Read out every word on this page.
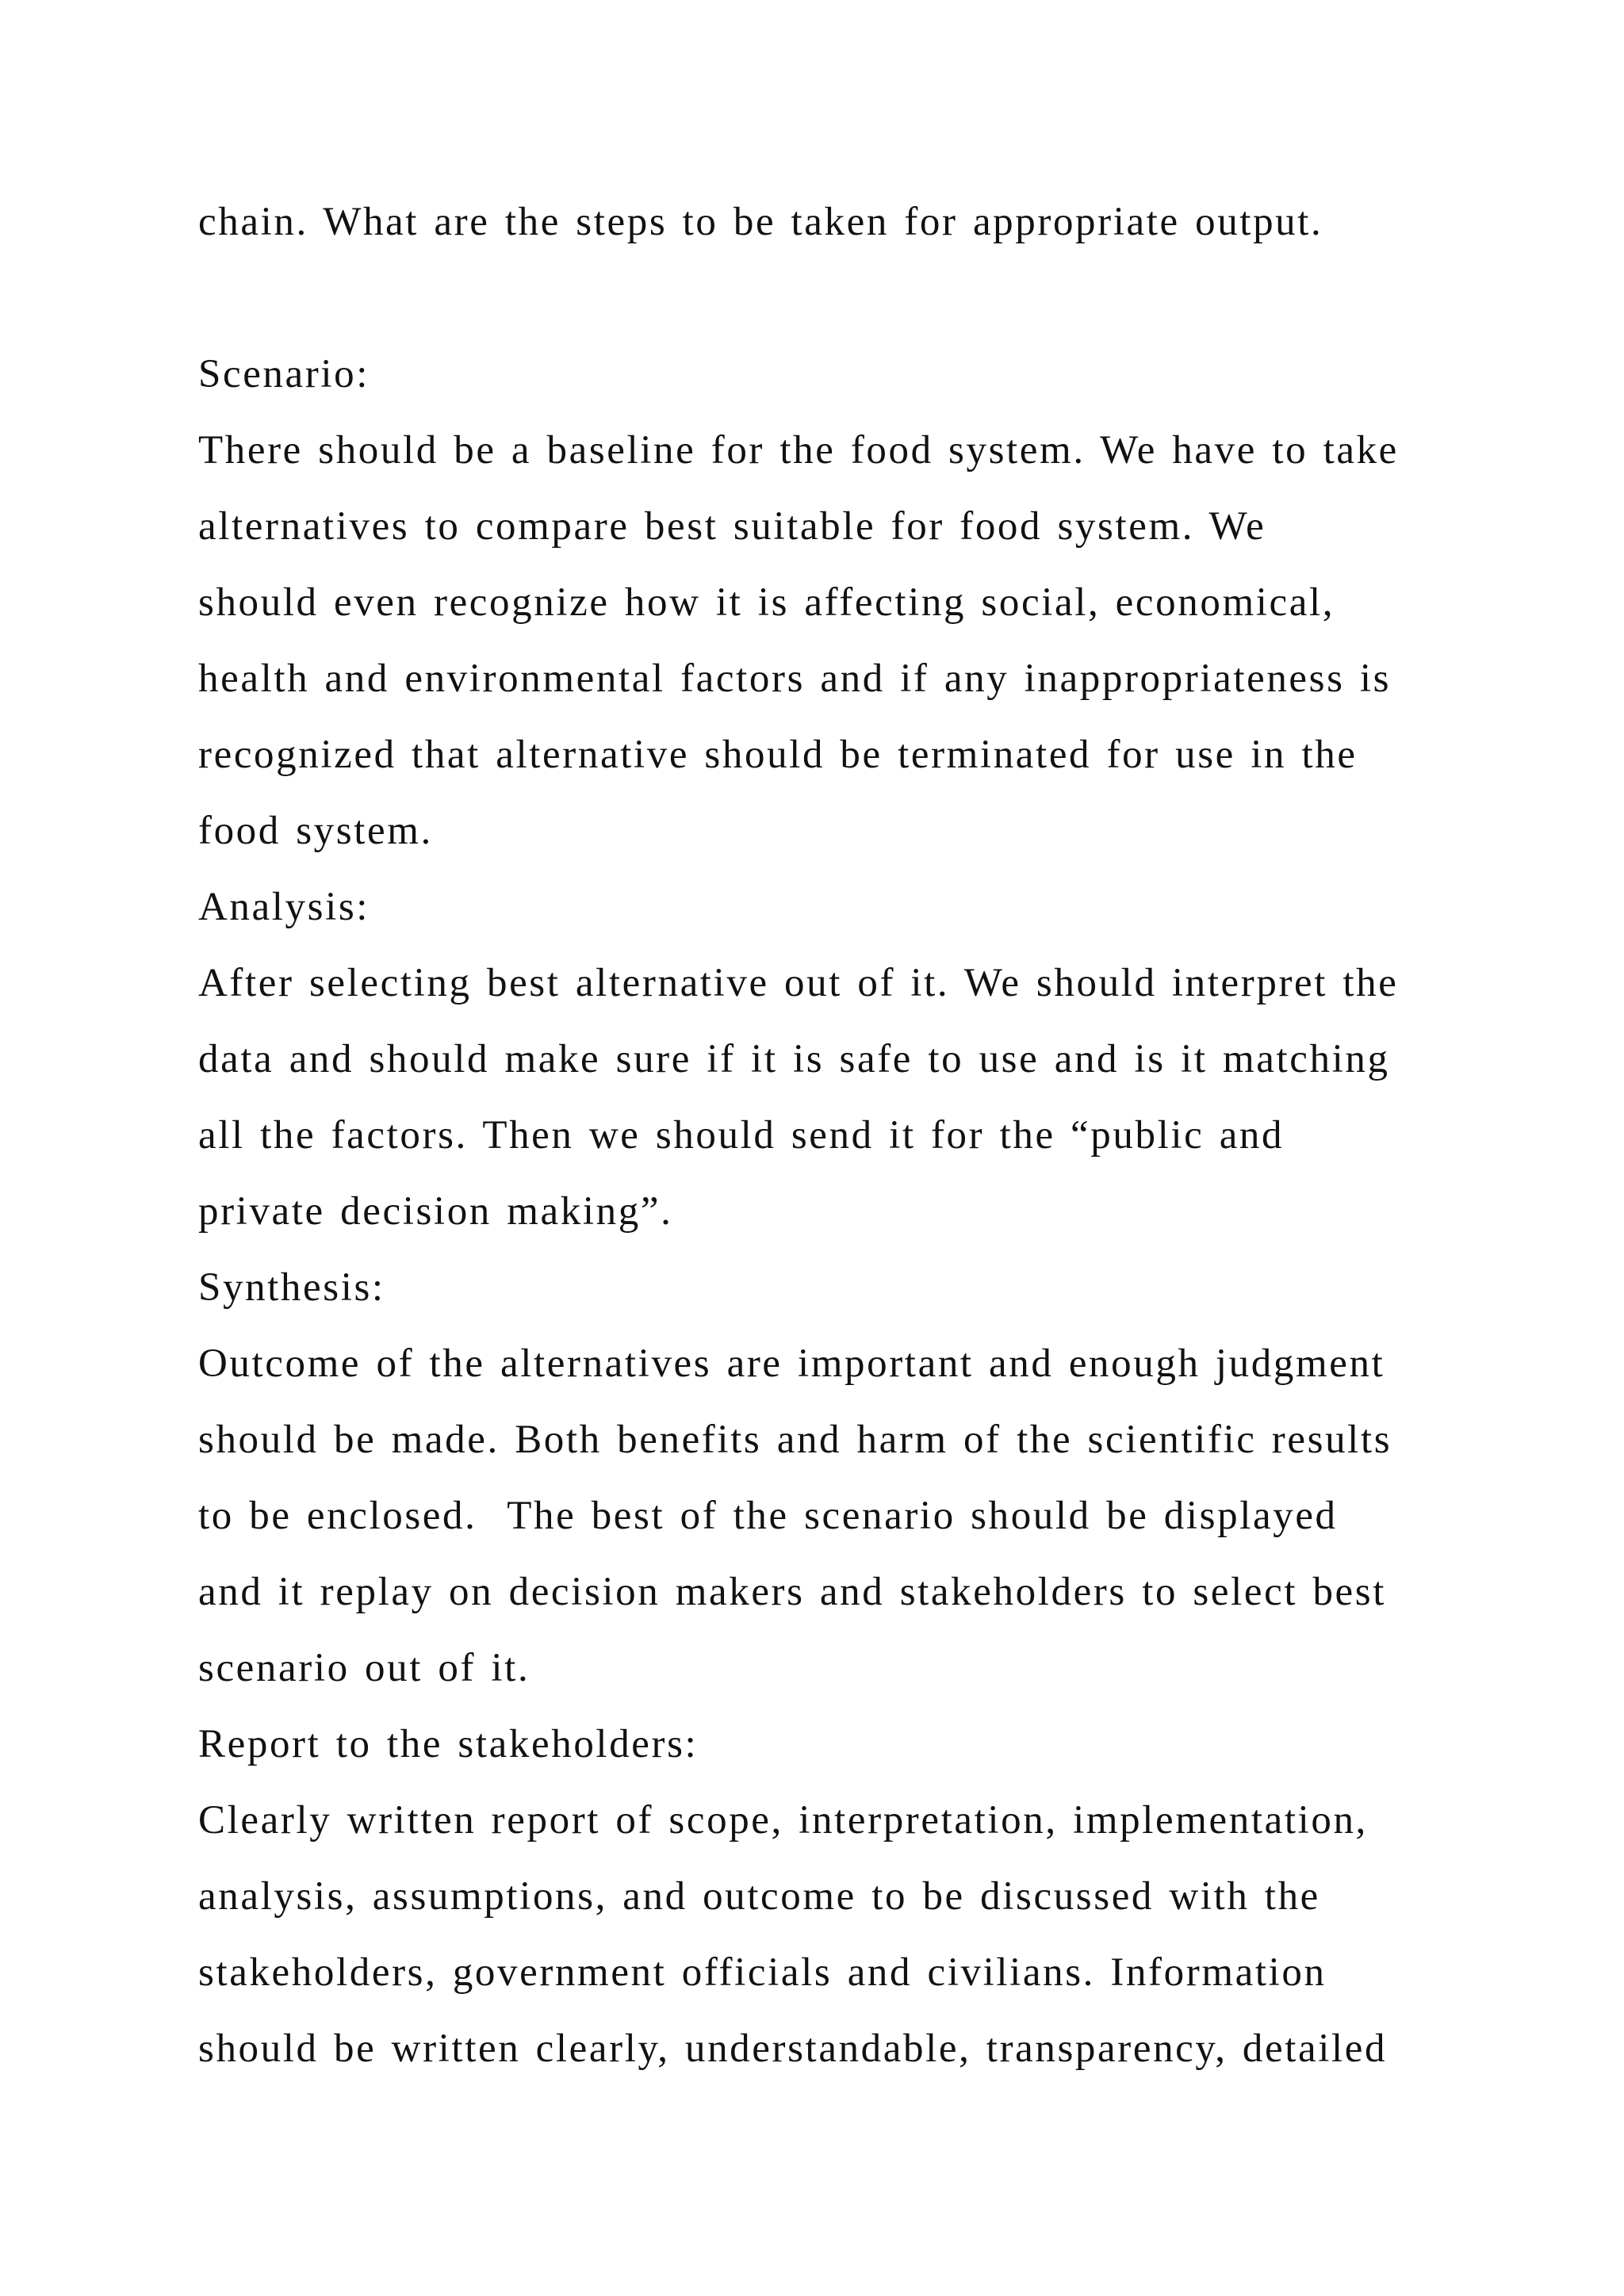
chain. What are the steps to be taken for appropriate output.
Scenario:
There should be a baseline for the food system. We have to take
alternatives to compare best suitable for food system. We
should even recognize how it is affecting social, economical,
health and environmental factors and if any inappropriateness is
recognized that alternative should be terminated for use in the
food system.
Analysis:
After selecting best alternative out of it. We should interpret the
data and should make sure if it is safe to use and is it matching
all the factors. Then we should send it for the “public and
private decision making”.
Synthesis:
Outcome of the alternatives are important and enough judgment
should be made. Both benefits and harm of the scientific results
to be enclosed.  The best of the scenario should be displayed
and it replay on decision makers and stakeholders to select best
scenario out of it.
Report to the stakeholders:
Clearly written report of scope, interpretation, implementation,
analysis, assumptions, and outcome to be discussed with the
stakeholders, government officials and civilians. Information
should be written clearly, understandable, transparency, detailed
